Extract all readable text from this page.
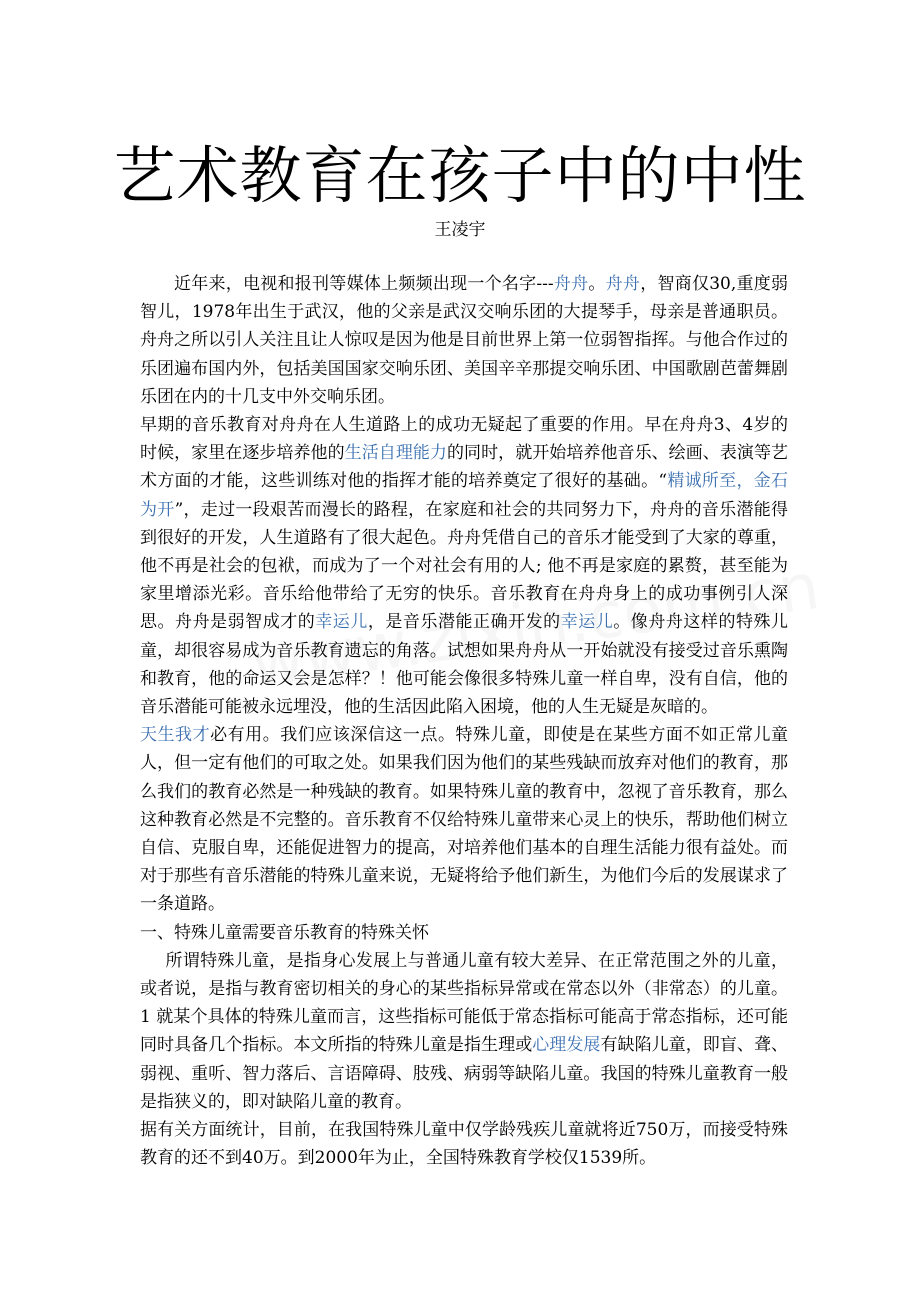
艺术教育在孩子中的中性
王凌宇

近年来，电视和报刊等媒体上频频出现一个名字---舟舟。舟舟，智商仅30,重度弱智儿，1978年出生于武汉，他的父亲是武汉交响乐团的大提琴手，母亲是普通职员。舟舟之所以引人关注且让人惊叹是因为他是目前世界上第一位弱智指挥。与他合作过的乐团遍布国内外，包括美国国家交响乐团、美国辛辛那提交响乐团、中国歌剧芭蕾舞剧乐团在内的十几支中外交响乐团。

早期的音乐教育对舟舟在人生道路上的成功无疑起了重要的作用。早在舟舟3、4岁的时候，家里在逐步培养他的生活自理能力的同时，就开始培养他音乐、绘画、表演等艺术方面的才能，这些训练对他的指挥才能的培养奠定了很好的基础。“精诚所至，金石为开”，走过一段艰苦而漫长的路程，在家庭和社会的共同努力下，舟舟的音乐潜能得到很好的开发，人生道路有了很大起色。舟舟凭借自己的音乐才能受到了大家的尊重，他不再是社会的包袱，而成为了一个对社会有用的人; 他不再是家庭的累赘，甚至能为家里增添光彩。音乐给他带给了无穷的快乐。音乐教育在舟舟身上的成功事例引人深思。舟舟是弱智成才的幸运儿，是音乐潜能正确开发的幸运儿。像舟舟这样的特殊儿童，却很容易成为音乐教育遗忘的角落。试想如果舟舟从一开始就没有接受过音乐熏陶和教育，他的命运又会是怎样？！他可能会像很多特殊儿童一样自卑，没有自信，他的音乐潜能可能被永远埋没，他的生活因此陷入困境，他的人生无疑是灰暗的。

天生我才必有用。我们应该深信这一点。特殊儿童，即使是在某些方面不如正常儿童人，但一定有他们的可取之处。如果我们因为他们的某些残缺而放弃对他们的教育，那么我们的教育必然是一种残缺的教育。如果特殊儿童的教育中，忽视了音乐教育，那么这种教育必然是不完整的。音乐教育不仅给特殊儿童带来心灵上的快乐，帮助他们树立自信、克服自卑，还能促进智力的提高，对培养他们基本的自理生活能力很有益处。而对于那些有音乐潜能的特殊儿童来说，无疑将给予他们新生，为他们今后的发展谋求了一条道路。

一、特殊儿童需要音乐教育的特殊关怀

所谓特殊儿童，是指身心发展上与普通儿童有较大差异、在正常范围之外的儿童，或者说，是指与教育密切相关的身心的某些指标异常或在常态以外（非常态）的儿童。1 就某个具体的特殊儿童而言，这些指标可能低于常态指标可能高于常态指标，还可能同时具备几个指标。本文所指的特殊儿童是指生理或心理发展有缺陷儿童，即盲、聋、弱视、重听、智力落后、言语障碍、肢残、病弱等缺陷儿童。我国的特殊儿童教育一般是指狭义的，即对缺陷儿童的教育。

据有关方面统计，目前，在我国特殊儿童中仅学龄残疾儿童就将近750万，而接受特殊教育的还不到40万。到2000年为止，全国特殊教育学校仅1539所。
